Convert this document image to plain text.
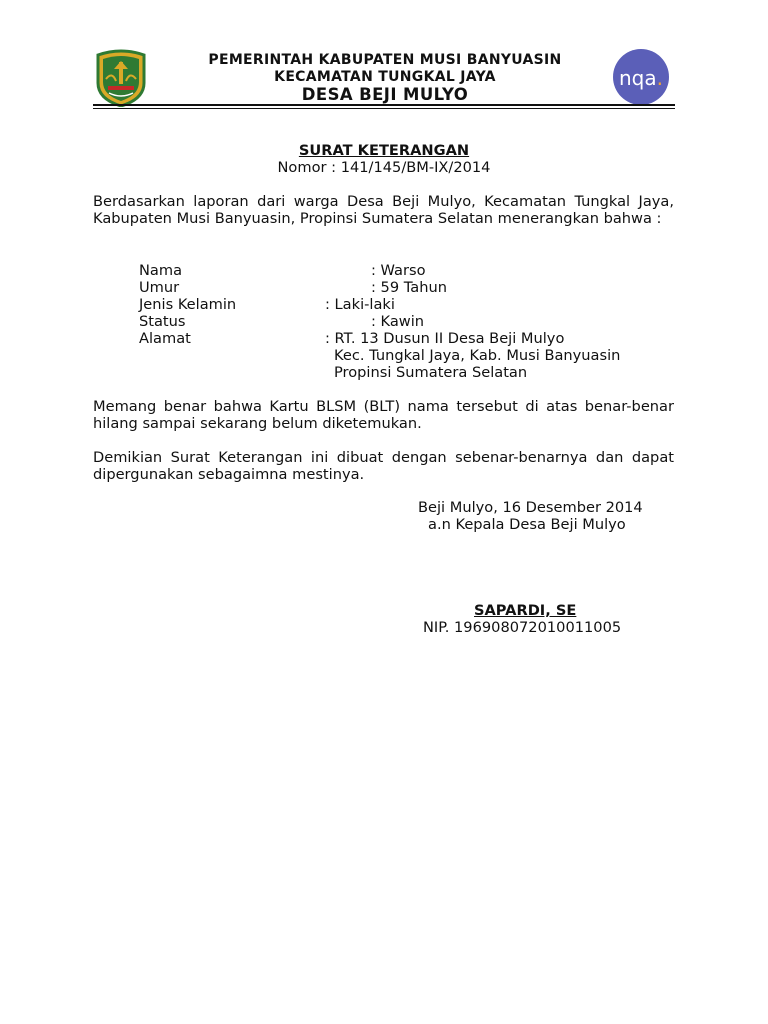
PEMERINTAH KABUPATEN MUSI BANYUASIN
KECAMATAN TUNGKAL JAYA
DESA BEJI MULYO
nqa.
SURAT KETERANGAN
Nomor : 141/145/BM-IX/2014
Berdasarkan laporan dari warga Desa Beji Mulyo, Kecamatan Tungkal Jaya, Kabupaten Musi Banyuasin, Propinsi Sumatera Selatan menerangkan bahwa :
Nama	: Warso
Umur	: 59 Tahun
Jenis Kelamin	: Laki-laki
Status	: Kawin
Alamat	: RT. 13 Dusun II Desa Beji Mulyo
Kec. Tungkal Jaya, Kab. Musi Banyuasin
Propinsi Sumatera Selatan
Memang benar bahwa Kartu BLSM (BLT) nama tersebut di atas benar-benar hilang sampai sekarang belum diketemukan.
Demikian Surat Keterangan ini dibuat dengan sebenar-benarnya dan dapat dipergunakan sebagaimna mestinya.
Beji Mulyo, 16 Desember 2014
a.n Kepala Desa Beji Mulyo
SAPARDI, SE
NIP. 196908072010011005
